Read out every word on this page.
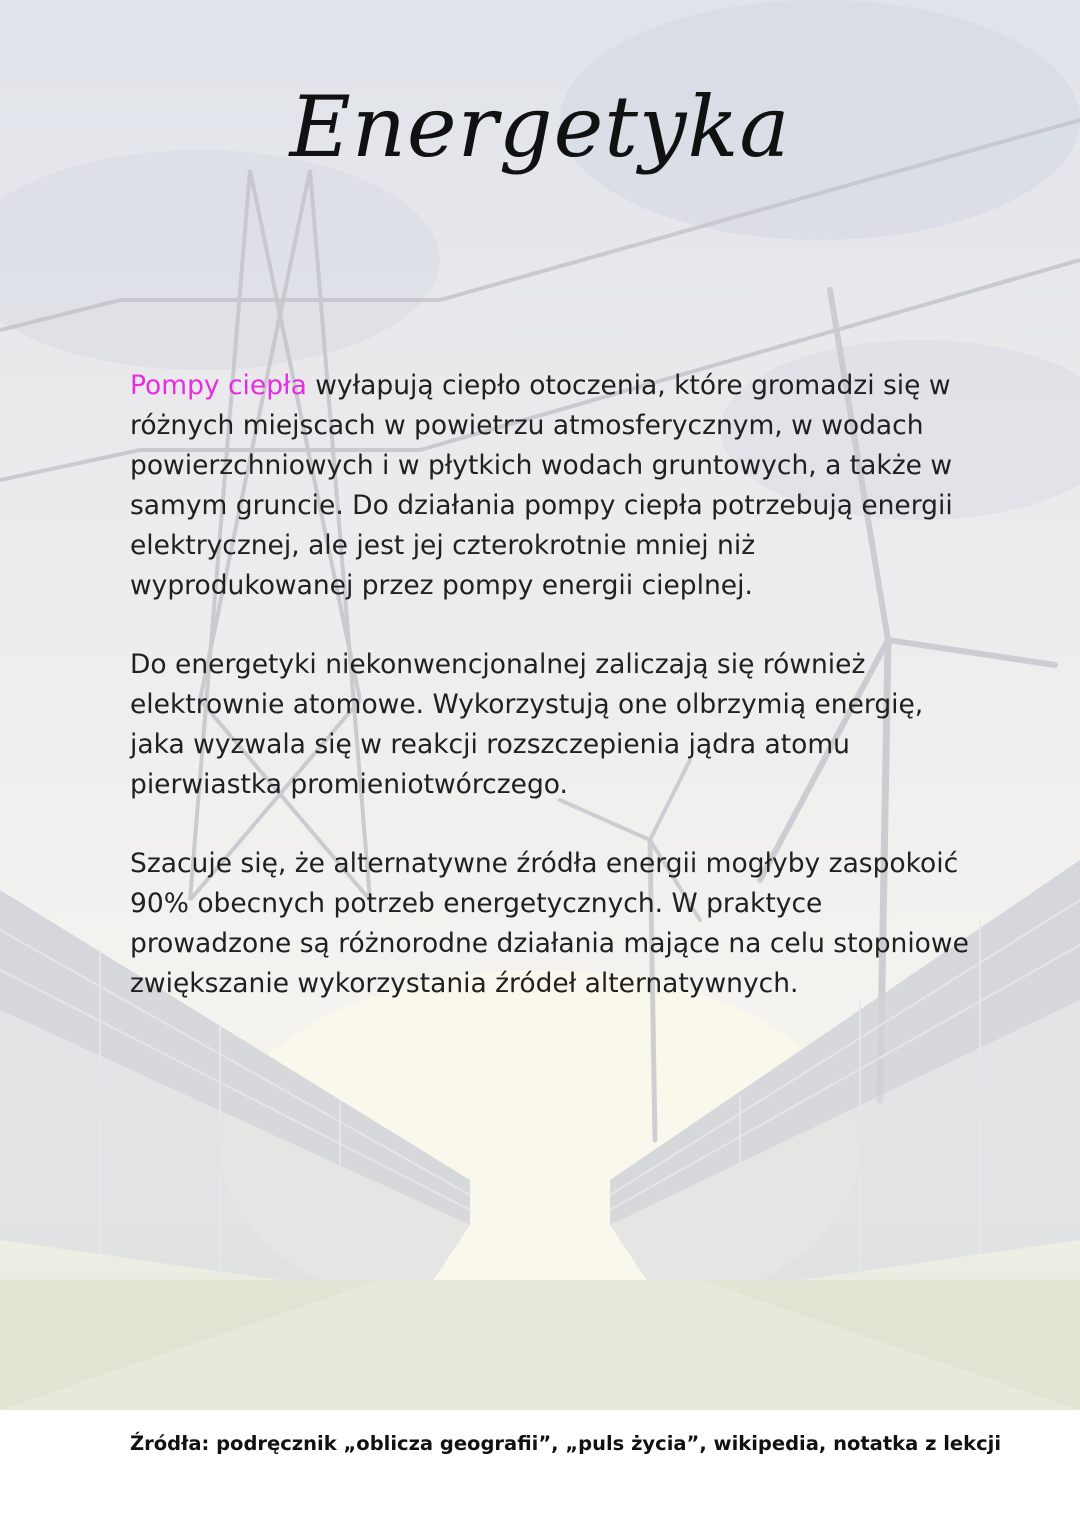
Energetyka

Pompy ciepła wyłapują ciepło otoczenia, które gromadzi się w różnych miejscach w powietrzu atmosferycznym, w wodach powierzchniowych i w płytkich wodach gruntowych, a także w samym gruncie. Do działania pompy ciepła potrzebują energii elektrycznej, ale jest jej czterokrotnie mniej niż wyprodukowanej przez pompy energii cieplnej.

Do energetyki niekonwencjonalnej zaliczają się również elektrownie atomowe. Wykorzystują one olbrzymią energię, jaka wyzwala się w reakcji rozszczepienia jądra atomu pierwiastka promieniotwórczego.

Szacuje się, że alternatywne źródła energii mogłyby zaspokoić 90% obecnych potrzeb energetycznych. W praktyce prowadzone są różnorodne działania mające na celu stopniowe zwiększanie wykorzystania źródeł alternatywnych.

Źródła: podręcznik „oblicza geografii”, „puls życia”, wikipedia, notatka z lekcji
